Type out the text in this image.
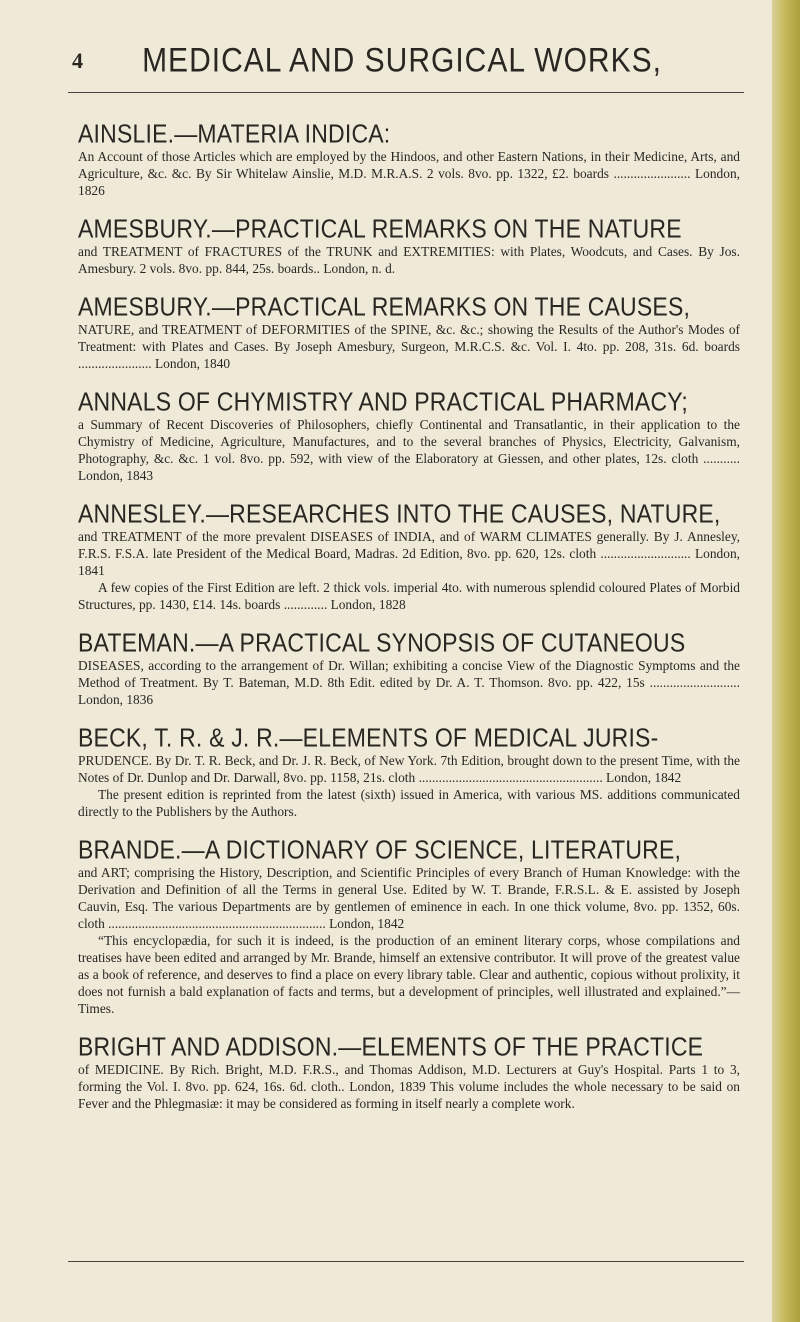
4	MEDICAL AND SURGICAL WORKS,
AINSLIE.—MATERIA INDICA:
An Account of those Articles which are employed by the Hindoos, and other Eastern Nations, in their Medicine, Arts, and Agriculture, &c. &c. By Sir Whitelaw Ainslie, M.D. M.R.A.S. 2 vols. 8vo. pp. 1322, £2. boards ....................... London, 1826
AMESBURY.—PRACTICAL REMARKS ON THE NATURE
and TREATMENT of FRACTURES of the TRUNK and EXTREMITIES: with Plates, Woodcuts, and Cases. By Jos. Amesbury. 2 vols. 8vo. pp. 844, 25s. boards.. London, n. d.
AMESBURY.—PRACTICAL REMARKS ON THE CAUSES,
NATURE, and TREATMENT of DEFORMITIES of the SPINE, &c. &c.; showing the Results of the Author's Modes of Treatment: with Plates and Cases. By Joseph Amesbury, Surgeon, M.R.C.S. &c. Vol. I. 4to. pp. 208, 31s. 6d. boards ...................... London, 1840
ANNALS OF CHYMISTRY AND PRACTICAL PHARMACY;
a Summary of Recent Discoveries of Philosophers, chiefly Continental and Transatlantic, in their application to the Chymistry of Medicine, Agriculture, Manufactures, and to the several branches of Physics, Electricity, Galvanism, Photography, &c. &c. 1 vol. 8vo. pp. 592, with view of the Elaboratory at Giessen, and other plates, 12s. cloth ........... London, 1843
ANNESLEY.—RESEARCHES INTO THE CAUSES, NATURE,
and TREATMENT of the more prevalent DISEASES of INDIA, and of WARM CLIMATES generally. By J. Annesley, F.R.S. F.S.A. late President of the Medical Board, Madras. 2d Edition, 8vo. pp. 620, 12s. cloth ........................... London, 1841
A few copies of the First Edition are left. 2 thick vols. imperial 4to. with numerous splendid coloured Plates of Morbid Structures, pp. 1430, £14. 14s. boards ............. London, 1828
BATEMAN.—A PRACTICAL SYNOPSIS OF CUTANEOUS
DISEASES, according to the arrangement of Dr. Willan; exhibiting a concise View of the Diagnostic Symptoms and the Method of Treatment. By T. Bateman, M.D. 8th Edit. edited by Dr. A. T. Thomson. 8vo. pp. 422, 15s ........................... London, 1836
BECK, T. R. & J. R.—ELEMENTS OF MEDICAL JURIS-
PRUDENCE. By Dr. T. R. Beck, and Dr. J. R. Beck, of New York. 7th Edition, brought down to the present Time, with the Notes of Dr. Dunlop and Dr. Darwall, 8vo. pp. 1158, 21s. cloth ....................................................... London, 1842
The present edition is reprinted from the latest (sixth) issued in America, with various MS. additions communicated directly to the Publishers by the Authors.
BRANDE.—A DICTIONARY OF SCIENCE, LITERATURE,
and ART; comprising the History, Description, and Scientific Principles of every Branch of Human Knowledge: with the Derivation and Definition of all the Terms in general Use. Edited by W. T. Brande, F.R.S.L. & E. assisted by Joseph Cauvin, Esq. The various Departments are by gentlemen of eminence in each. In one thick volume, 8vo. pp. 1352, 60s. cloth ................................................................. London, 1842
“This encyclopædia, for such it is indeed, is the production of an eminent literary corps, whose compilations and treatises have been edited and arranged by Mr. Brande, himself an extensive contributor. It will prove of the greatest value as a book of reference, and deserves to find a place on every library table. Clear and authentic, copious without prolixity, it does not furnish a bald explanation of facts and terms, but a development of principles, well illustrated and explained.”—Times.
BRIGHT AND ADDISON.—ELEMENTS OF THE PRACTICE
of MEDICINE. By Rich. Bright, M.D. F.R.S., and Thomas Addison, M.D. Lecturers at Guy's Hospital. Parts 1 to 3, forming the Vol. I. 8vo. pp. 624, 16s. 6d. cloth.. London, 1839 This volume includes the whole necessary to be said on Fever and the Phlegmasiæ: it may be considered as forming in itself nearly a complete work.
